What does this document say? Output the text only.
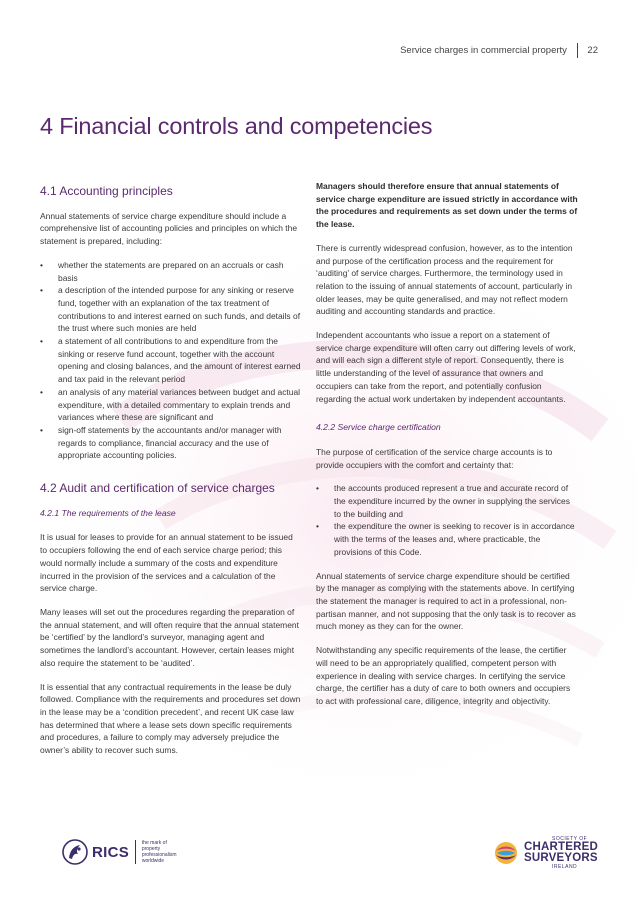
Service charges in commercial property 22
4 Financial controls and competencies
4.1 Accounting principles

Annual statements of service charge expenditure should include a comprehensive list of accounting policies and principles on which the statement is prepared, including:

• whether the statements are prepared on an accruals or cash basis
• a description of the intended purpose for any sinking or reserve fund, together with an explanation of the tax treatment of contributions to and interest earned on such funds, and details of the trust where such monies are held
• a statement of all contributions to and expenditure from the sinking or reserve fund account, together with the account opening and closing balances, and the amount of interest earned and tax paid in the relevant period
• an analysis of any material variances between budget and actual expenditure, with a detailed commentary to explain trends and variances where these are significant and
• sign-off statements by the accountants and/or manager with regards to compliance, financial accuracy and the use of appropriate accounting policies.
4.2 Audit and certification of service charges
4.2.1 The requirements of the lease

It is usual for leases to provide for an annual statement to be issued to occupiers following the end of each service charge period; this would normally include a summary of the costs and expenditure incurred in the provision of the services and a calculation of the service charge.

Many leases will set out the procedures regarding the preparation of the annual statement, and will often require that the annual statement be ‘certified’ by the landlord’s surveyor, managing agent and sometimes the landlord’s accountant. However, certain leases might also require the statement to be ‘audited’.

It is essential that any contractual requirements in the lease be duly followed. Compliance with the requirements and procedures set down in the lease may be a ‘condition precedent’, and recent UK case law has determined that where a lease sets down specific requirements and procedures, a failure to comply may adversely prejudice the owner’s ability to recover such sums.

Managers should therefore ensure that annual statements of service charge expenditure are issued strictly in accordance with the procedures and requirements as set down under the terms of the lease.

There is currently widespread confusion, however, as to the intention and purpose of the certification process and the requirement for ‘auditing’ of service charges. Furthermore, the terminology used in relation to the issuing of annual statements of account, particularly in older leases, may be quite generalised, and may not reflect modern auditing and accounting standards and practice.

Independent accountants who issue a report on a statement of service charge expenditure will often carry out differing levels of work, and will each sign a different style of report. Consequently, there is little understanding of the level of assurance that owners and occupiers can take from the report, and potentially confusion regarding the actual work undertaken by independent accountants.

4.2.2 Service charge certification

The purpose of certification of the service charge accounts is to provide occupiers with the comfort and certainty that:

• the accounts produced represent a true and accurate record of the expenditure incurred by the owner in supplying the services to the building and
• the expenditure the owner is seeking to recover is in accordance with the terms of the leases and, where practicable, the provisions of this Code.

Annual statements of service charge expenditure should be certified by the manager as complying with the statements above. In certifying the statement the manager is required to act in a professional, non- partisan manner, and not supposing that the only task is to recover as much money as they can for the owner.

Notwithstanding any specific requirements of the lease, the certifier will need to be an appropriately qualified, competent person with experience in dealing with service charges. In certifying the service charge, the certifier has a duty of care to both owners and occupiers to act with professional care, diligence, integrity and objectivity.

RICS
the mark of property professionalism worldwide
SOCIETY OF
CHARTERED
SURVEYORS
IRELAND
